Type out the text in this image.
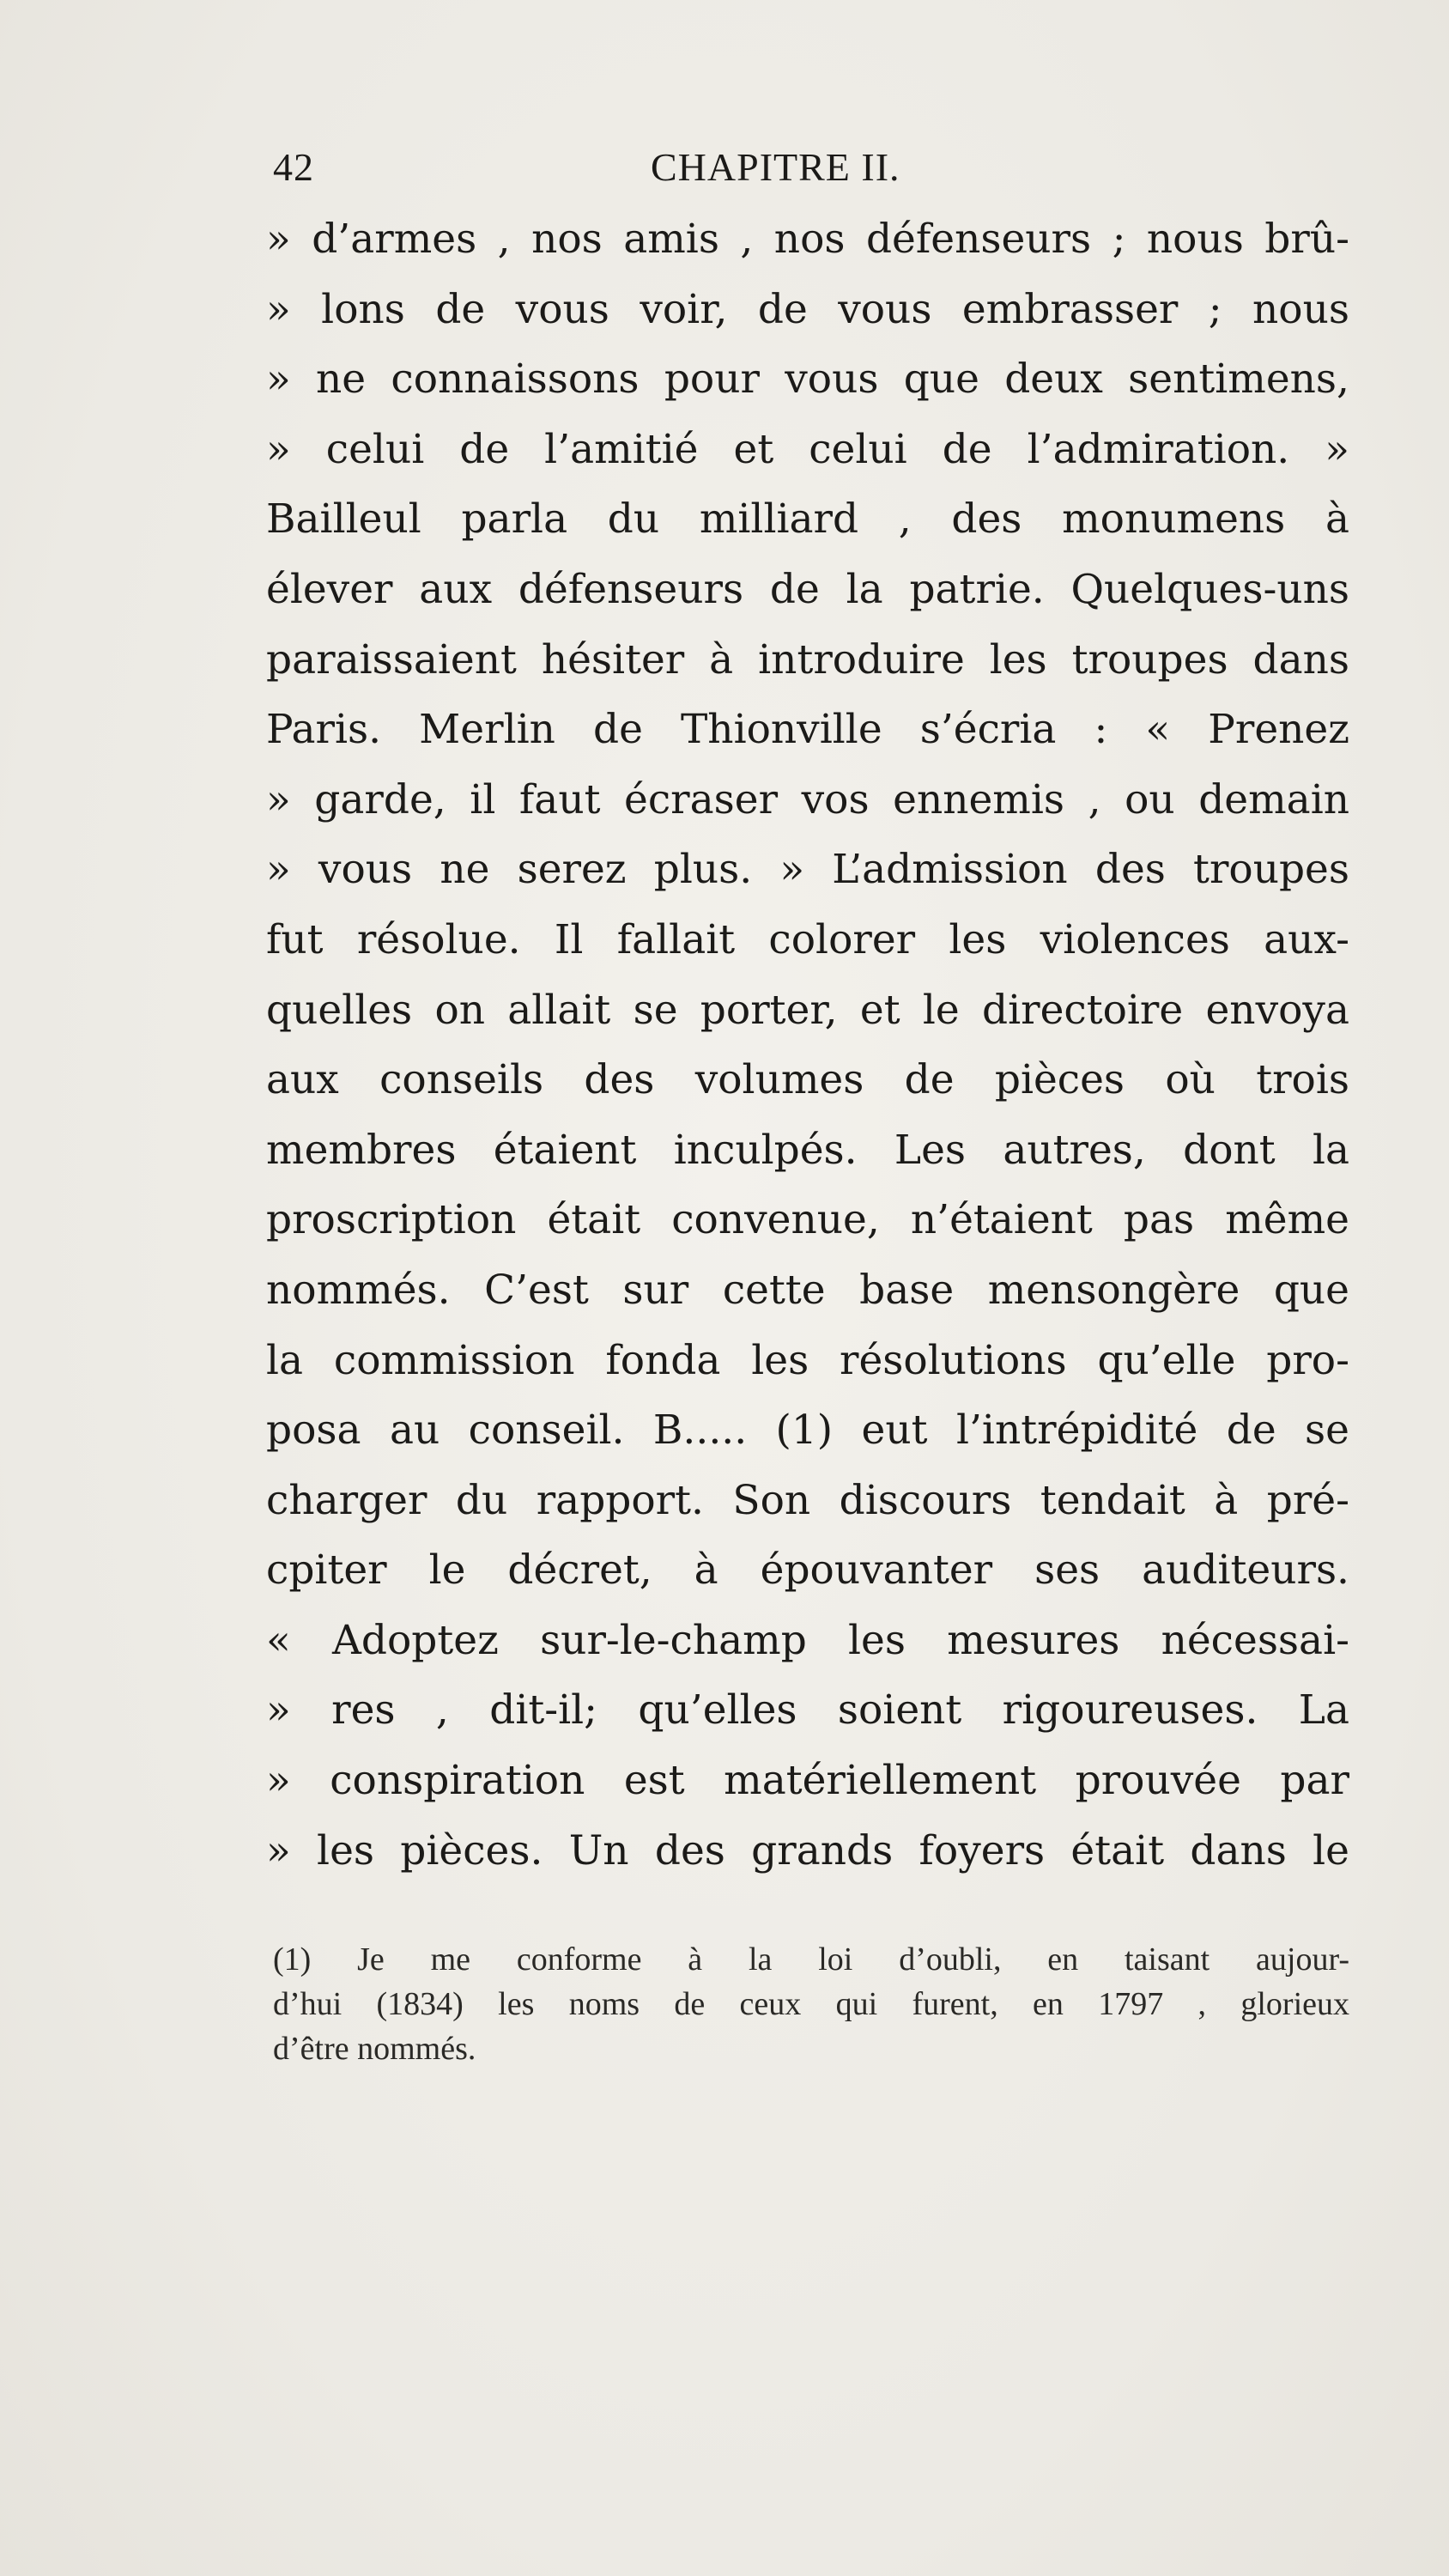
42	CHAPITRE II.
» d’armes , nos amis , nos défenseurs ; nous brû-
» lons de vous voir, de vous embrasser ; nous
» ne connaissons pour vous que deux sentimens,
» celui de l’amitié et celui de l’admiration. »
Bailleul parla du milliard , des monumens à
élever aux défenseurs de la patrie. Quelques-uns
paraissaient hésiter à introduire les troupes dans
Paris. Merlin de Thionville s’écria : « Prenez
» garde, il faut écraser vos ennemis , ou demain
» vous ne serez plus. » L’admission des troupes
fut résolue. Il fallait colorer les violences aux-
quelles on allait se porter, et le directoire envoya
aux conseils des volumes de pièces où trois
membres étaient inculpés. Les autres, dont la
proscription était convenue, n’étaient pas même
nommés. C’est sur cette base mensongère que
la commission fonda les résolutions qu’elle pro-
posa au conseil. B..... (1) eut l’intrépidité de se
charger du rapport. Son discours tendait à pré-
cpiter le décret, à épouvanter ses auditeurs.
« Adoptez sur-le-champ les mesures nécessai-
» res , dit-il; qu’elles soient rigoureuses. La
» conspiration est matériellement prouvée par
» les pièces. Un des grands foyers était dans le
(1) Je me conforme à la loi d’oubli, en taisant aujour-
d’hui (1834) les noms de ceux qui furent, en 1797 , glorieux
d’être nommés.
